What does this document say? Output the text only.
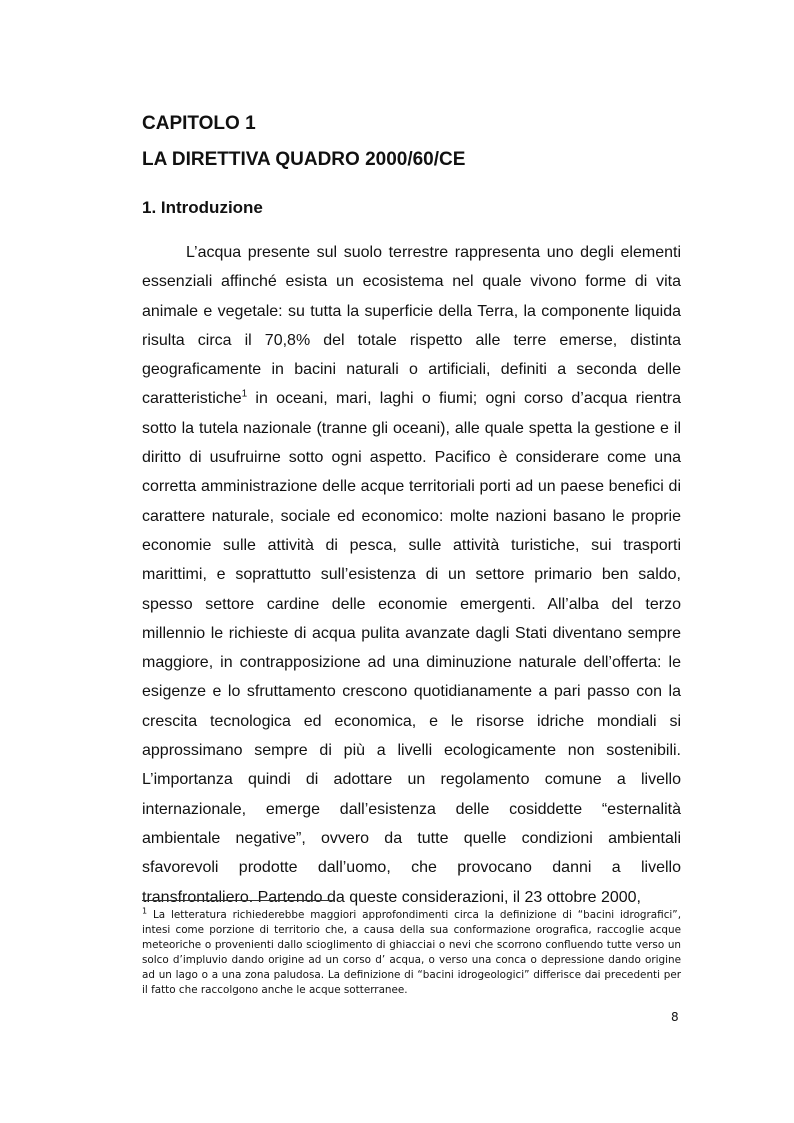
CAPITOLO 1
LA DIRETTIVA QUADRO 2000/60/CE
1. Introduzione

L’acqua presente sul suolo terrestre rappresenta uno degli elementi essenziali affinché esista un ecosistema nel quale vivono forme di vita animale e vegetale: su tutta la superficie della Terra, la componente liquida risulta circa il 70,8% del totale rispetto alle terre emerse, distinta geograficamente in bacini naturali o artificiali, definiti a seconda delle caratteristiche$^1$ in oceani, mari, laghi o fiumi; ogni corso d’acqua rientra sotto la tutela nazionale (tranne gli oceani), alle quale spetta la gestione e il diritto di usufruirne sotto ogni aspetto. Pacifico è considerare come una corretta amministrazione delle acque territoriali porti ad un paese benefici di carattere naturale, sociale ed economico: molte nazioni basano le proprie economie sulle attività di pesca, sulle attività turistiche, sui trasporti marittimi, e soprattutto sull’esistenza di un settore primario ben saldo, spesso settore cardine delle economie emergenti. All’alba del terzo millennio le richieste di acqua pulita avanzate dagli Stati diventano sempre maggiore, in contrapposizione ad una diminuzione naturale dell’offerta: le esigenze e lo sfruttamento crescono quotidianamente a pari passo con la crescita tecnologica ed economica, e le risorse idriche mondiali si approssimano sempre di più a livelli ecologicamente non sostenibili. L’importanza quindi di adottare un regolamento comune a livello internazionale, emerge dall’esistenza delle cosiddette “esternalità ambientale negative”, ovvero da tutte quelle condizioni ambientali sfavorevoli prodotte dall’uomo, che provocano danni a livello transfrontaliero. Partendo da queste considerazioni, il 23 ottobre 2000,

$^1$ La letteratura richiederebbe maggiori approfondimenti circa la definizione di “bacini idrografici”, intesi come porzione di territorio che, a causa della sua conformazione orografica, raccoglie acque meteoriche o provenienti dallo scioglimento di ghiacciai o nevi che scorrono confluendo tutte verso un solco d’impluvio dando origine ad un corso d’ acqua, o verso una conca o depressione dando origine ad un lago o a una zona paludosa. La definizione di “bacini idrogeologici” differisce dai precedenti per il fatto che raccolgono anche le acque sotterranee.

8
